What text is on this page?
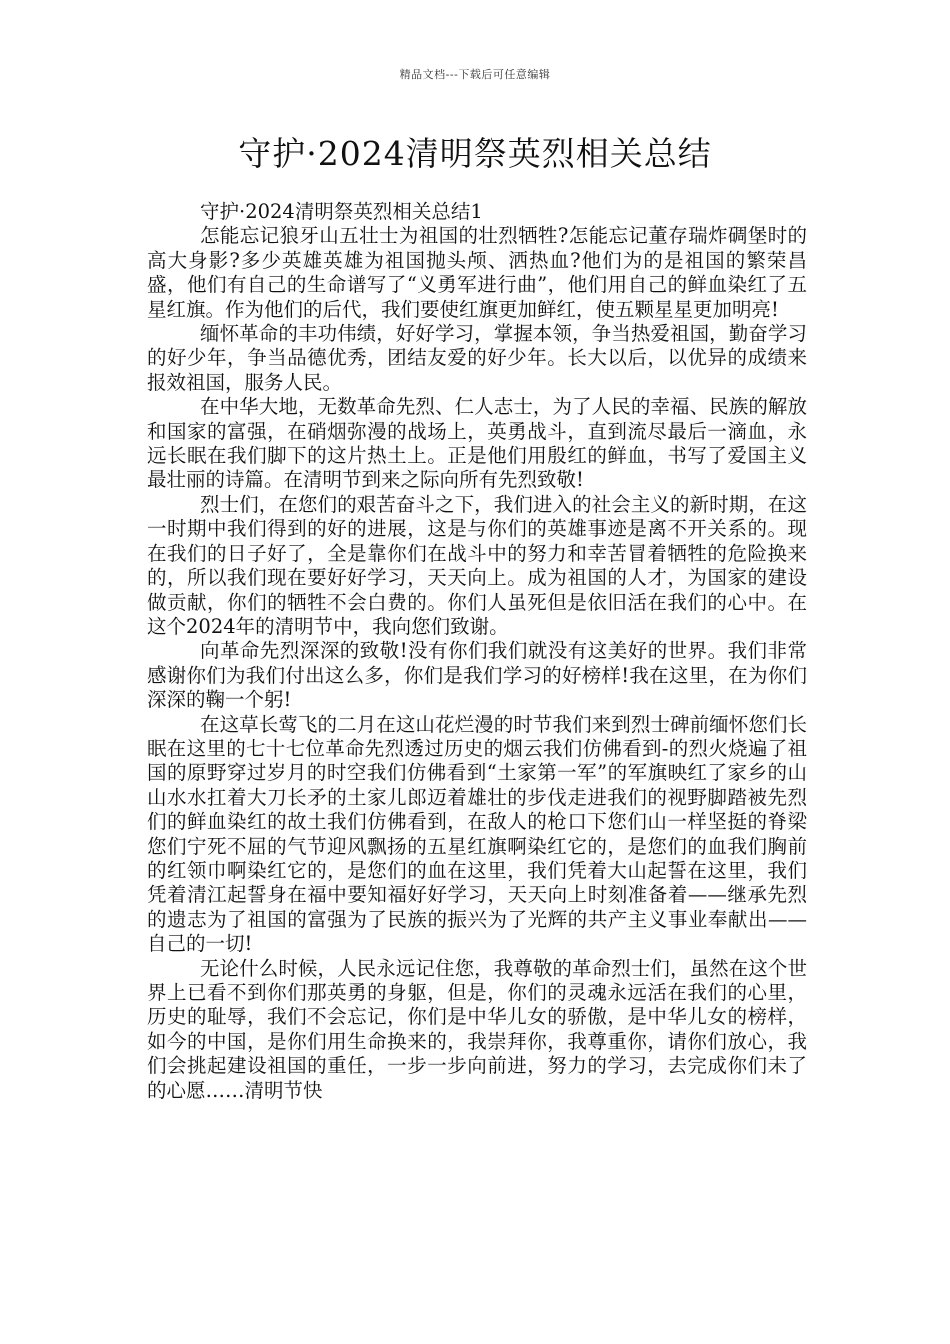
精品文档---下载后可任意编辑
守护·2024清明祭英烈相关总结

守护·2024清明祭英烈相关总结1

怎能忘记狼牙山五壮士为祖国的壮烈牺牲?怎能忘记董存瑞炸碉堡时的高大身影?多少英雄英雄为祖国抛头颅、洒热血?他们为的是祖国的繁荣昌盛，他们有自己的生命谱写了“义勇军进行曲”，他们用自己的鲜血染红了五星红旗。作为他们的后代，我们要使红旗更加鲜红，使五颗星星更加明亮!

缅怀革命的丰功伟绩，好好学习，掌握本领，争当热爱祖国，勤奋学习的好少年，争当品德优秀，团结友爱的好少年。长大以后，以优异的成绩来报效祖国，服务人民。

在中华大地，无数革命先烈、仁人志士，为了人民的幸福、民族的解放和国家的富强，在硝烟弥漫的战场上，英勇战斗，直到流尽最后一滴血，永远长眠在我们脚下的这片热土上。正是他们用殷红的鲜血，书写了爱国主义最壮丽的诗篇。在清明节到来之际向所有先烈致敬!

烈士们，在您们的艰苦奋斗之下，我们进入的社会主义的新时期，在这一时期中我们得到的好的进展，这是与你们的英雄事迹是离不开关系的。现在我们的日子好了，全是靠你们在战斗中的努力和幸苦冒着牺牲的危险换来的，所以我们现在要好好学习，天天向上。成为祖国的人才，为国家的建设做贡献，你们的牺牲不会白费的。你们人虽死但是依旧活在我们的心中。在这个2024年的清明节中，我向您们致谢。

向革命先烈深深的致敬!没有你们我们就没有这美好的世界。我们非常感谢你们为我们付出这么多，你们是我们学习的好榜样!我在这里，在为你们深深的鞠一个躬!

在这草长莺飞的二月在这山花烂漫的时节我们来到烈士碑前缅怀您们长眠在这里的七十七位革命先烈透过历史的烟云我们仿佛看到-的烈火烧遍了祖国的原野穿过岁月的时空我们仿佛看到“土家第一军”的军旗映红了家乡的山山水水扛着大刀长矛的土家儿郎迈着雄壮的步伐走进我们的视野脚踏被先烈们的鲜血染红的故土我们仿佛看到，在敌人的枪口下您们山一样坚挺的脊梁您们宁死不屈的气节迎风飘扬的五星红旗啊染红它的，是您们的血我们胸前的红领巾啊染红它的，是您们的血在这里，我们凭着大山起誓在这里，我们凭着清江起誓身在福中要知福好好学习，天天向上时刻准备着——继承先烈的遗志为了祖国的富强为了民族的振兴为了光辉的共产主义事业奉献出——自己的一切!

无论什么时候，人民永远记住您，我尊敬的革命烈士们，虽然在这个世界上已看不到你们那英勇的身躯，但是，你们的灵魂永远活在我们的心里，历史的耻辱，我们不会忘记，你们是中华儿女的骄傲，是中华儿女的榜样，如今的中国，是你们用生命换来的，我崇拜你，我尊重你，请你们放心，我们会挑起建设祖国的重任，一步一步向前进，努力的学习，去完成你们未了的心愿……清明节快
